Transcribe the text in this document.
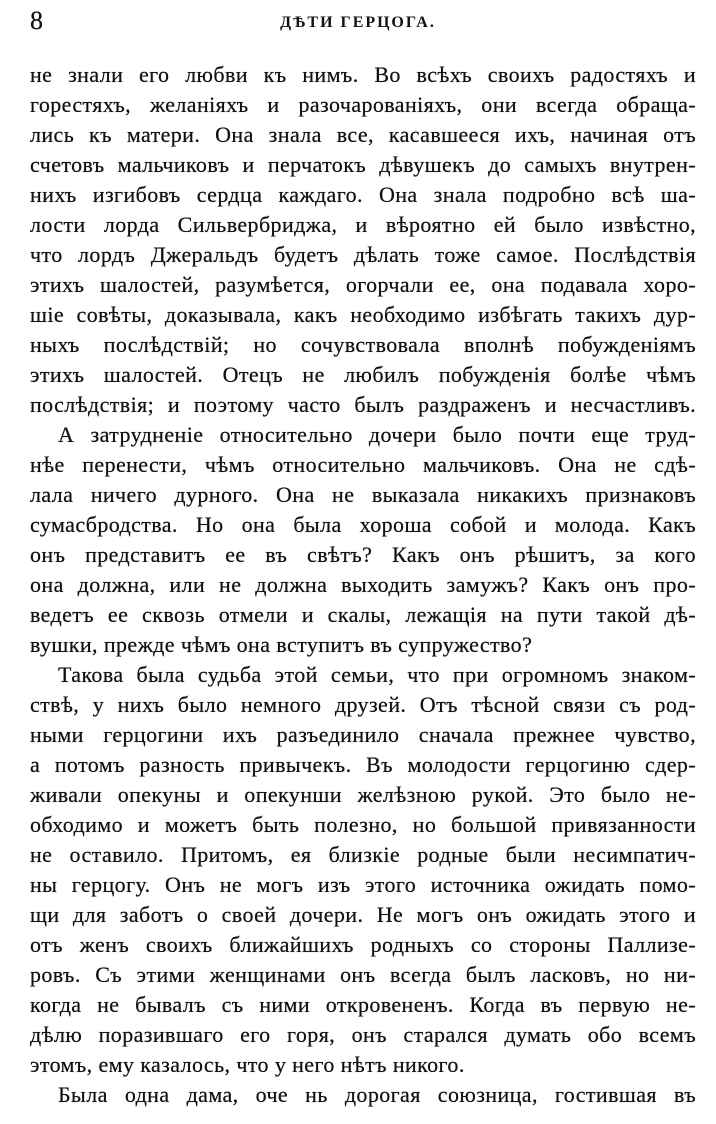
8	ДѢТИ ГЕРЦОГА.
не знали его любви къ нимъ. Во всѣхъ своихъ радостяхъ и
горестяхъ, желаніяхъ и разочарованіяхъ, они всегда обраща-
лись къ матери. Она знала все, касавшееся ихъ, начиная отъ
счетовъ мальчиковъ и перчатокъ дѣвушекъ до самыхъ внутрен-
нихъ изгибовъ сердца каждаго. Она знала подробно всѣ ша-
лости лорда Сильвербриджа, и вѣроятно ей было извѣстно,
что лордъ Джеральдъ будетъ дѣлать тоже самое. Послѣдствія
этихъ шалостей, разумѣется, огорчали ее, она подавала хоро-
шіе совѣты, доказывала, какъ необходимо избѣгать такихъ дур-
ныхъ послѣдствій; но сочувствовала вполнѣ побужденіямъ
этихъ шалостей. Отецъ не любилъ побужденія болѣе чѣмъ
послѣдствія; и поэтому часто былъ раздраженъ и несчастливъ.
А затрудненіе относительно дочери было почти еще труд-
нѣе перенести, чѣмъ относительно мальчиковъ. Она не сдѣ-
лала ничего дурного. Она не выказала никакихъ признаковъ
сумасбродства. Но она была хороша собой и молода. Какъ
онъ представитъ ее въ свѣтъ? Какъ онъ рѣшитъ, за кого
она должна, или не должна выходить замужъ? Какъ онъ про-
ведетъ ее сквозь отмели и скалы, лежащія на пути такой дѣ-
вушки, прежде чѣмъ она вступитъ въ супружество?
Такова была судьба этой семьи, что при огромномъ знаком-
ствѣ, у нихъ было немного друзей. Отъ тѣсной связи съ род-
ными герцогини ихъ разъединило сначала прежнее чувство,
а потомъ разность привычекъ. Въ молодости герцогиню сдер-
живали опекуны и опекунши желѣзною рукой. Это было не-
обходимо и можетъ быть полезно, но большой привязанности
не оставило. Притомъ, ея близкіе родные были несимпатич-
ны герцогу. Онъ не могъ изъ этого источника ожидать помо-
щи для заботъ о своей дочери. Не могъ онъ ожидать этого и
отъ женъ своихъ ближайшихъ родныхъ со стороны Паллизе-
ровъ. Съ этими женщинами онъ всегда былъ ласковъ, но ни-
когда не бывалъ съ ними откровененъ. Когда въ первую не-
дѣлю поразившаго его горя, онъ старался думать обо всемъ
этомъ, ему казалось, что у него нѣтъ никого.
Была одна дама, оче нь дорогая союзница, гостившая въ
